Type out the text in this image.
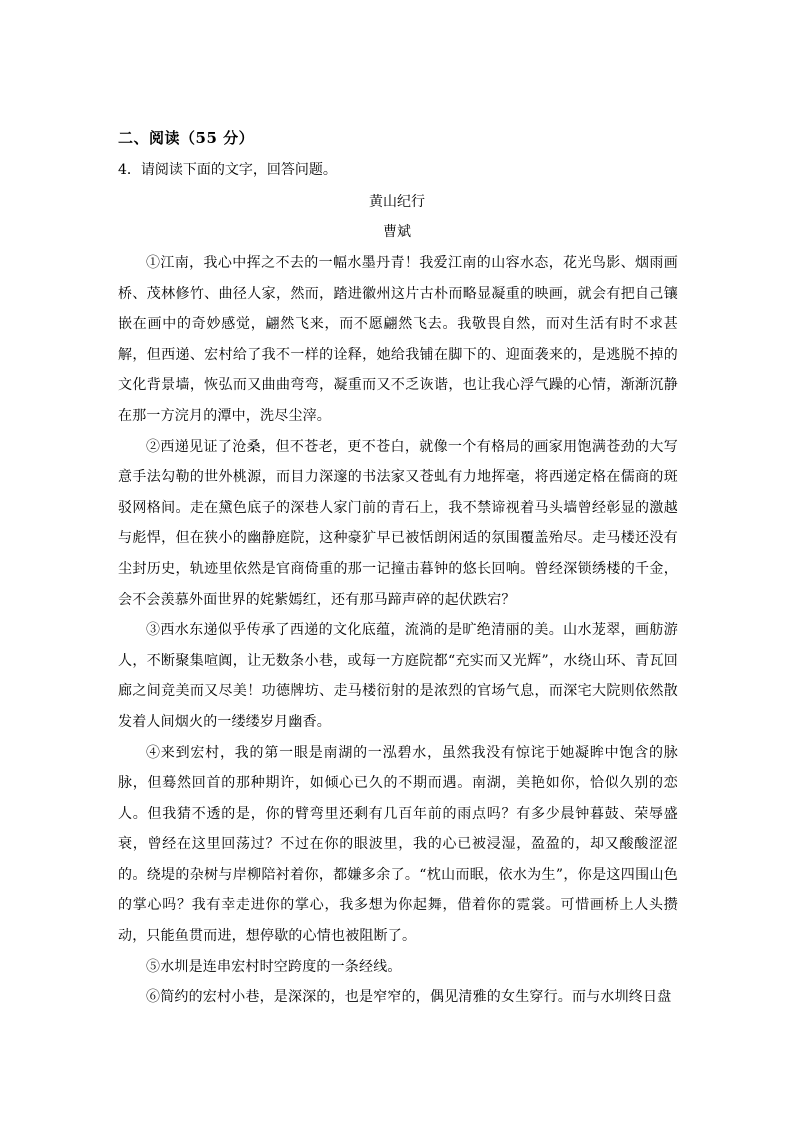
二、阅读（55 分）
4．请阅读下面的文字，回答问题。
黄山纪行
曹斌

①江南，我心中挥之不去的一幅水墨丹青！我爱江南的山容水态，花光鸟影、烟雨画桥、茂林修竹、曲径人家，然而，踏进徽州这片古朴而略显凝重的映画，就会有把自己镶嵌在画中的奇妙感觉，翩然飞来，而不愿翩然飞去。我敬畏自然，而对生活有时不求甚解，但西递、宏村给了我不一样的诠释，她给我铺在脚下的、迎面袭来的，是逃脱不掉的文化背景墙，恢弘而又曲曲弯弯，凝重而又不乏诙谐，也让我心浮气躁的心情，渐渐沉静在那一方浣月的潭中，洗尽尘滓。

②西递见证了沧桑，但不苍老，更不苍白，就像一个有格局的画家用饱满苍劲的大写意手法勾勒的世外桃源，而目力深邃的书法家又苍虬有力地挥毫，将西递定格在儒商的斑驳网格间。走在黛色底子的深巷人家门前的青石上，我不禁谛视着马头墙曾经彰显的激越与彪悍，但在狭小的幽静庭院，这种豪犷早已被恬朗闲适的氛围覆盖殆尽。走马楼还没有尘封历史，轨迹里依然是官商倚重的那一记撞击暮钟的悠长回响。曾经深锁绣楼的千金，会不会羡慕外面世界的姹紫嫣红，还有那马蹄声碎的起伏跌宕？

③西水东递似乎传承了西递的文化底蕴，流淌的是旷绝清丽的美。山水茏翠，画舫游人，不断聚集喧阗，让无数条小巷，或每一方庭院都“充实而又光辉”，水绕山环、青瓦回廊之间竞美而又尽美！功德牌坊、走马楼衍射的是浓烈的官场气息，而深宅大院则依然散发着人间烟火的一缕缕岁月幽香。

④来到宏村，我的第一眼是南湖的一泓碧水，虽然我没有惊诧于她凝眸中饱含的脉脉，但蓦然回首的那种期许，如倾心已久的不期而遇。南湖，美艳如你，恰似久别的恋人。但我猜不透的是，你的臂弯里还剩有几百年前的雨点吗？有多少晨钟暮鼓、荣辱盛衰，曾经在这里回荡过？不过在你的眼波里，我的心已被浸湿，盈盈的，却又酸酸涩涩的。绕堤的杂树与岸柳陪衬着你，都嫌多余了。“枕山而眠，依水为生”，你是这四围山色的掌心吗？我有幸走进你的掌心，我多想为你起舞，借着你的霓裳。可惜画桥上人头攒动，只能鱼贯而进，想停歇的心情也被阻断了。

⑤水圳是连串宏村时空跨度的一条经线。

⑥简约的宏村小巷，是深深的，也是窄窄的，偶见清雅的女生穿行。而与水圳终日盘
